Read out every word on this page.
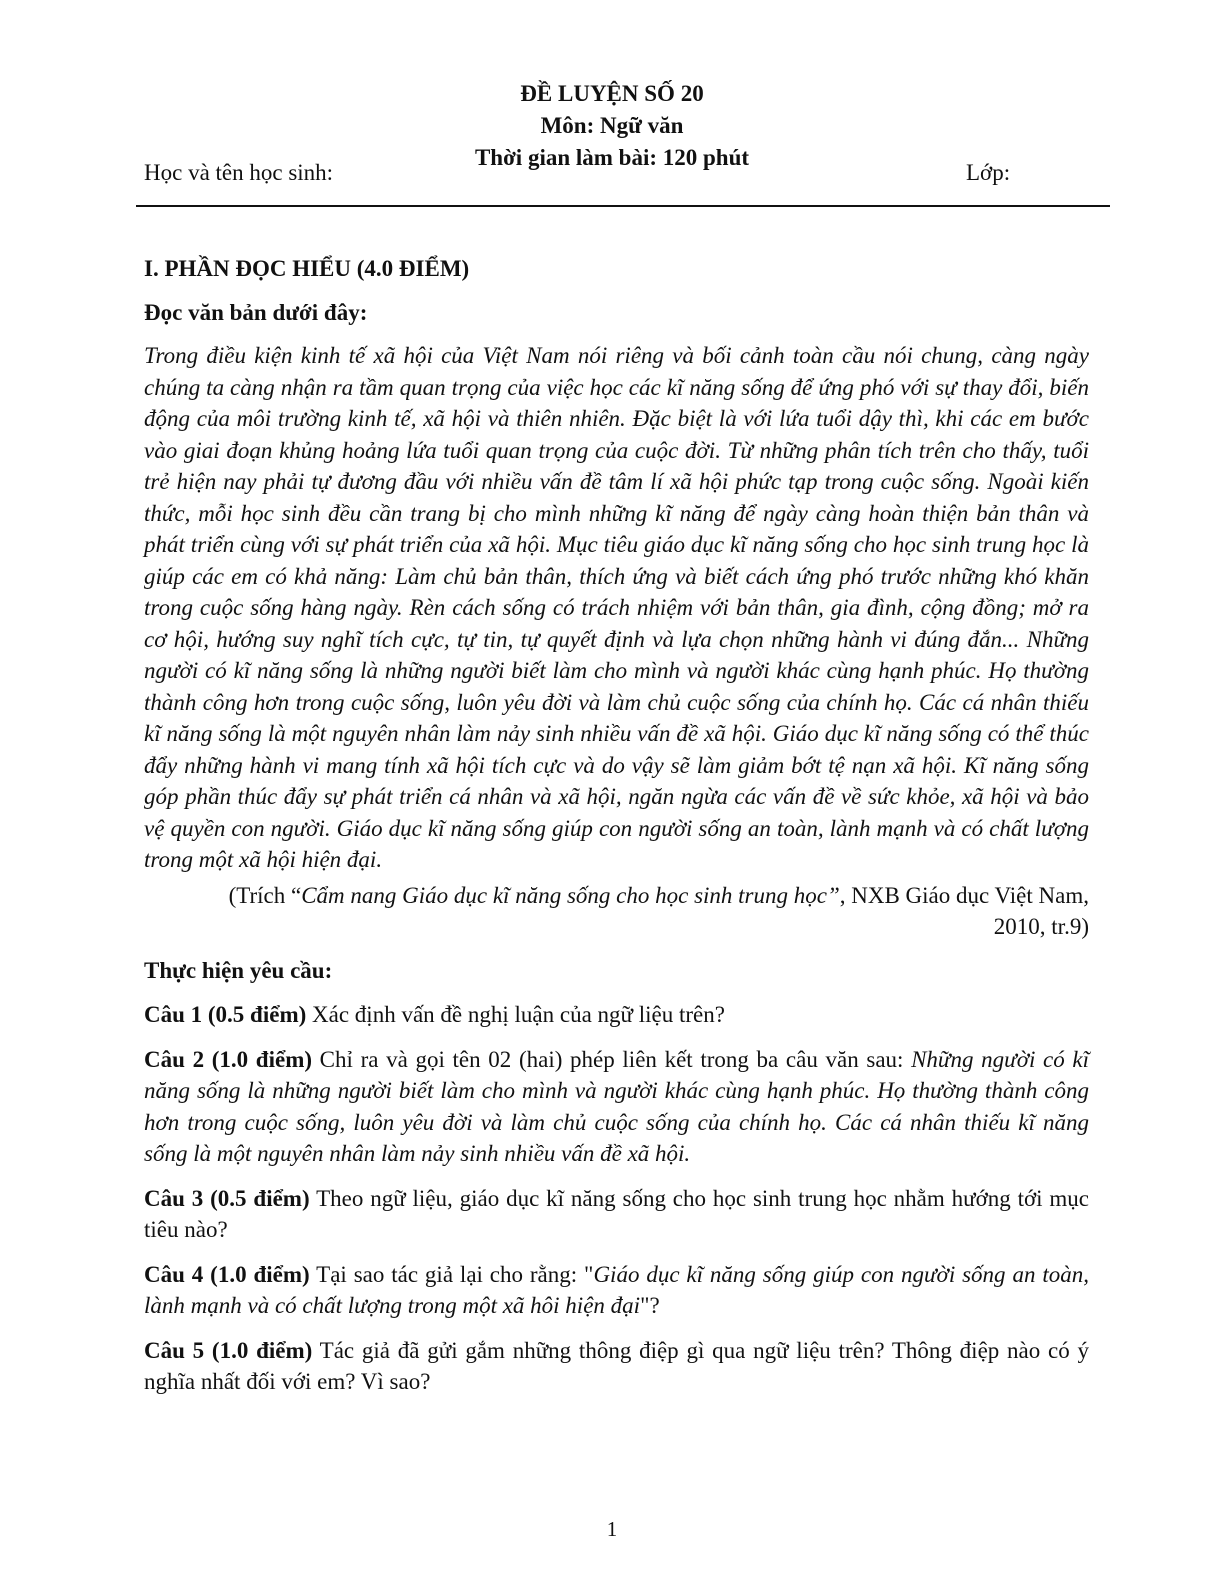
ĐỀ LUYỆN SỐ 20
Môn: Ngữ văn
Thời gian làm bài: 120 phút
Học và tên học sinh:	Lớp:
I. PHẦN ĐỌC HIỂU (4.0 ĐIỂM)
Đọc văn bản dưới đây:

Trong điều kiện kinh tế xã hội của Việt Nam nói riêng và bối cảnh toàn cầu nói chung, càng ngày chúng ta càng nhận ra tầm quan trọng của việc học các kĩ năng sống để ứng phó với sự thay đổi, biến động của môi trường kinh tế, xã hội và thiên nhiên. Đặc biệt là với lứa tuổi dậy thì, khi các em bước vào giai đoạn khủng hoảng lứa tuổi quan trọng của cuộc đời. Từ những phân tích trên cho thấy, tuổi trẻ hiện nay phải tự đương đầu với nhiều vấn đề tâm lí xã hội phức tạp trong cuộc sống. Ngoài kiến thức, mỗi học sinh đều cần trang bị cho mình những kĩ năng để ngày càng hoàn thiện bản thân và phát triển cùng với sự phát triển của xã hội. Mục tiêu giáo dục kĩ năng sống cho học sinh trung học là giúp các em có khả năng: Làm chủ bản thân, thích ứng và biết cách ứng phó trước những khó khăn trong cuộc sống hàng ngày. Rèn cách sống có trách nhiệm với bản thân, gia đình, cộng đồng; mở ra cơ hội, hướng suy nghĩ tích cực, tự tin, tự quyết định và lựa chọn những hành vi đúng đắn... Những người có kĩ năng sống là những người biết làm cho mình và người khác cùng hạnh phúc. Họ thường thành công hơn trong cuộc sống, luôn yêu đời và làm chủ cuộc sống của chính họ. Các cá nhân thiếu kĩ năng sống là một nguyên nhân làm nảy sinh nhiều vấn đề xã hội. Giáo dục kĩ năng sống có thể thúc đẩy những hành vi mang tính xã hội tích cực và do vậy sẽ làm giảm bớt tệ nạn xã hội. Kĩ năng sống góp phần thúc đẩy sự phát triển cá nhân và xã hội, ngăn ngừa các vấn đề về sức khỏe, xã hội và bảo vệ quyền con người. Giáo dục kĩ năng sống giúp con người sống an toàn, lành mạnh và có chất lượng trong một xã hội hiện đại.

(Trích “Cẩm nang Giáo dục kĩ năng sống cho học sinh trung học”, NXB Giáo dục Việt Nam,
2010, tr.9)
Thực hiện yêu cầu:

Câu 1 (0.5 điểm) Xác định vấn đề nghị luận của ngữ liệu trên?

Câu 2 (1.0 điểm) Chỉ ra và gọi tên 02 (hai) phép liên kết trong ba câu văn sau: Những người có kĩ năng sống là những người biết làm cho mình và người khác cùng hạnh phúc. Họ thường thành công hơn trong cuộc sống, luôn yêu đời và làm chủ cuộc sống của chính họ. Các cá nhân thiếu kĩ năng sống là một nguyên nhân làm nảy sinh nhiều vấn đề xã hội.

Câu 3 (0.5 điểm) Theo ngữ liệu, giáo dục kĩ năng sống cho học sinh trung học nhằm hướng tới mục tiêu nào?

Câu 4 (1.0 điểm) Tại sao tác giả lại cho rằng: "Giáo dục kĩ năng sống giúp con người sống an toàn, lành mạnh và có chất lượng trong một xã hôi hiện đại"?

Câu 5 (1.0 điểm) Tác giả đã gửi gắm những thông điệp gì qua ngữ liệu trên? Thông điệp nào có ý nghĩa nhất đối với em? Vì sao?

1
